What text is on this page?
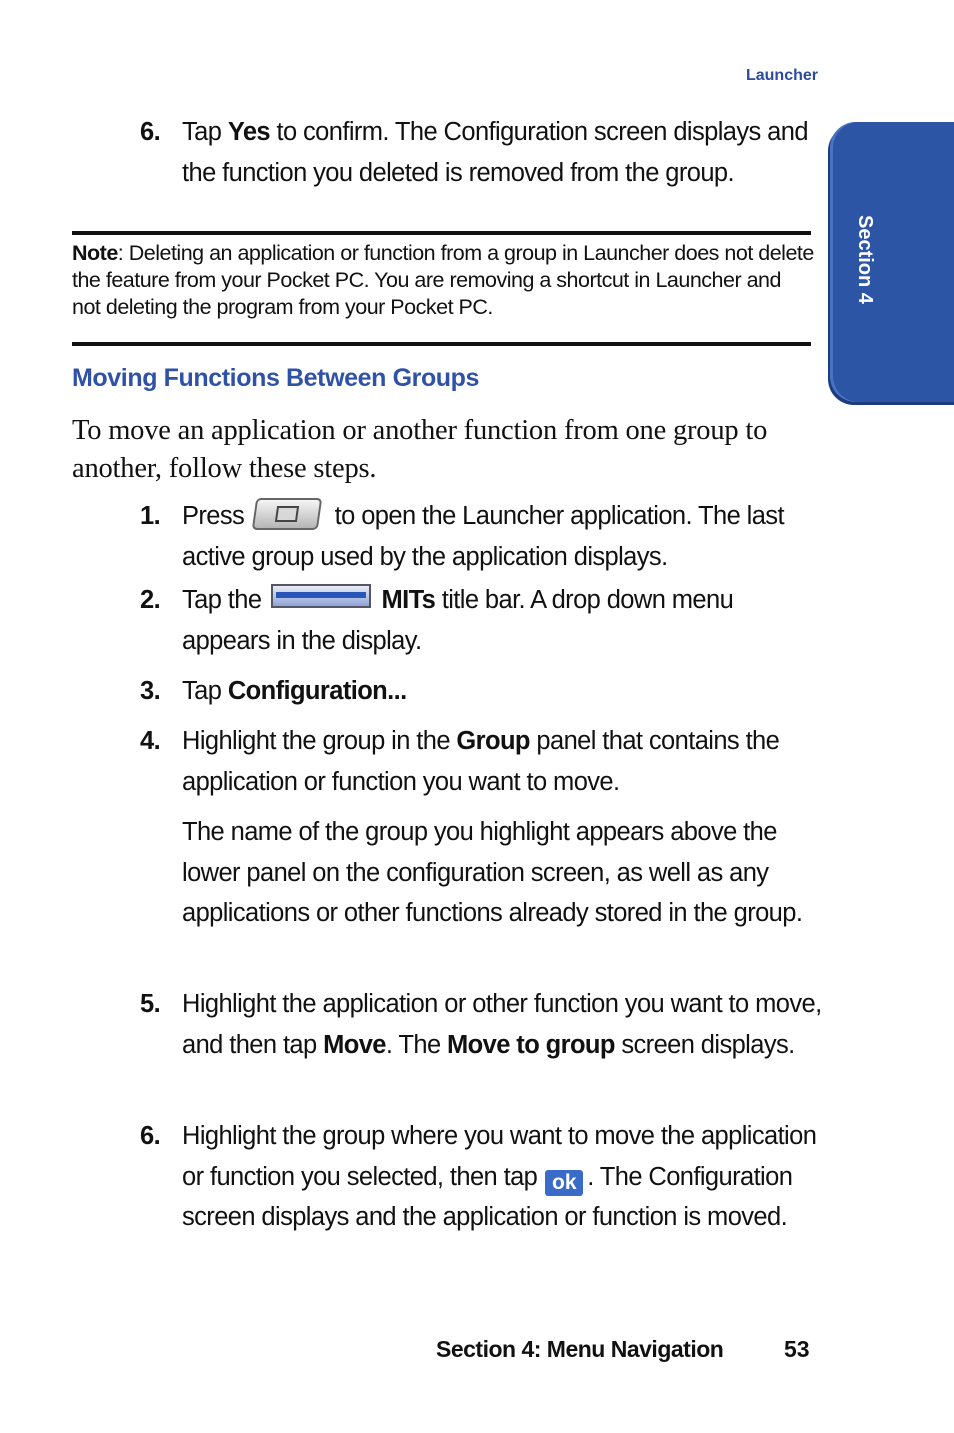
Launcher
Section 4
6. Tap Yes to confirm. The Configuration screen displays and the function you deleted is removed from the group.
Note: Deleting an application or function from a group in Launcher does not delete the feature from your Pocket PC. You are removing a shortcut in Launcher and not deleting the program from your Pocket PC.
Moving Functions Between Groups
To move an application or another function from one group to another, follow these steps.
1. Press	to open the Launcher application. The last active group used by the application displays.
2. Tap the	MITs title bar. A drop down menu appears in the display.
3. Tap Configuration...
4. Highlight the group in the Group panel that contains the application or function you want to move.
The name of the group you highlight appears above the lower panel on the configuration screen, as well as any applications or other functions already stored in the group.
5. Highlight the application or other function you want to move, and then tap Move. The Move to group screen displays.
6. Highlight the group where you want to move the application or function you selected, then tap ok . The Configuration screen displays and the application or function is moved.
Section 4: Menu Navigation	53
